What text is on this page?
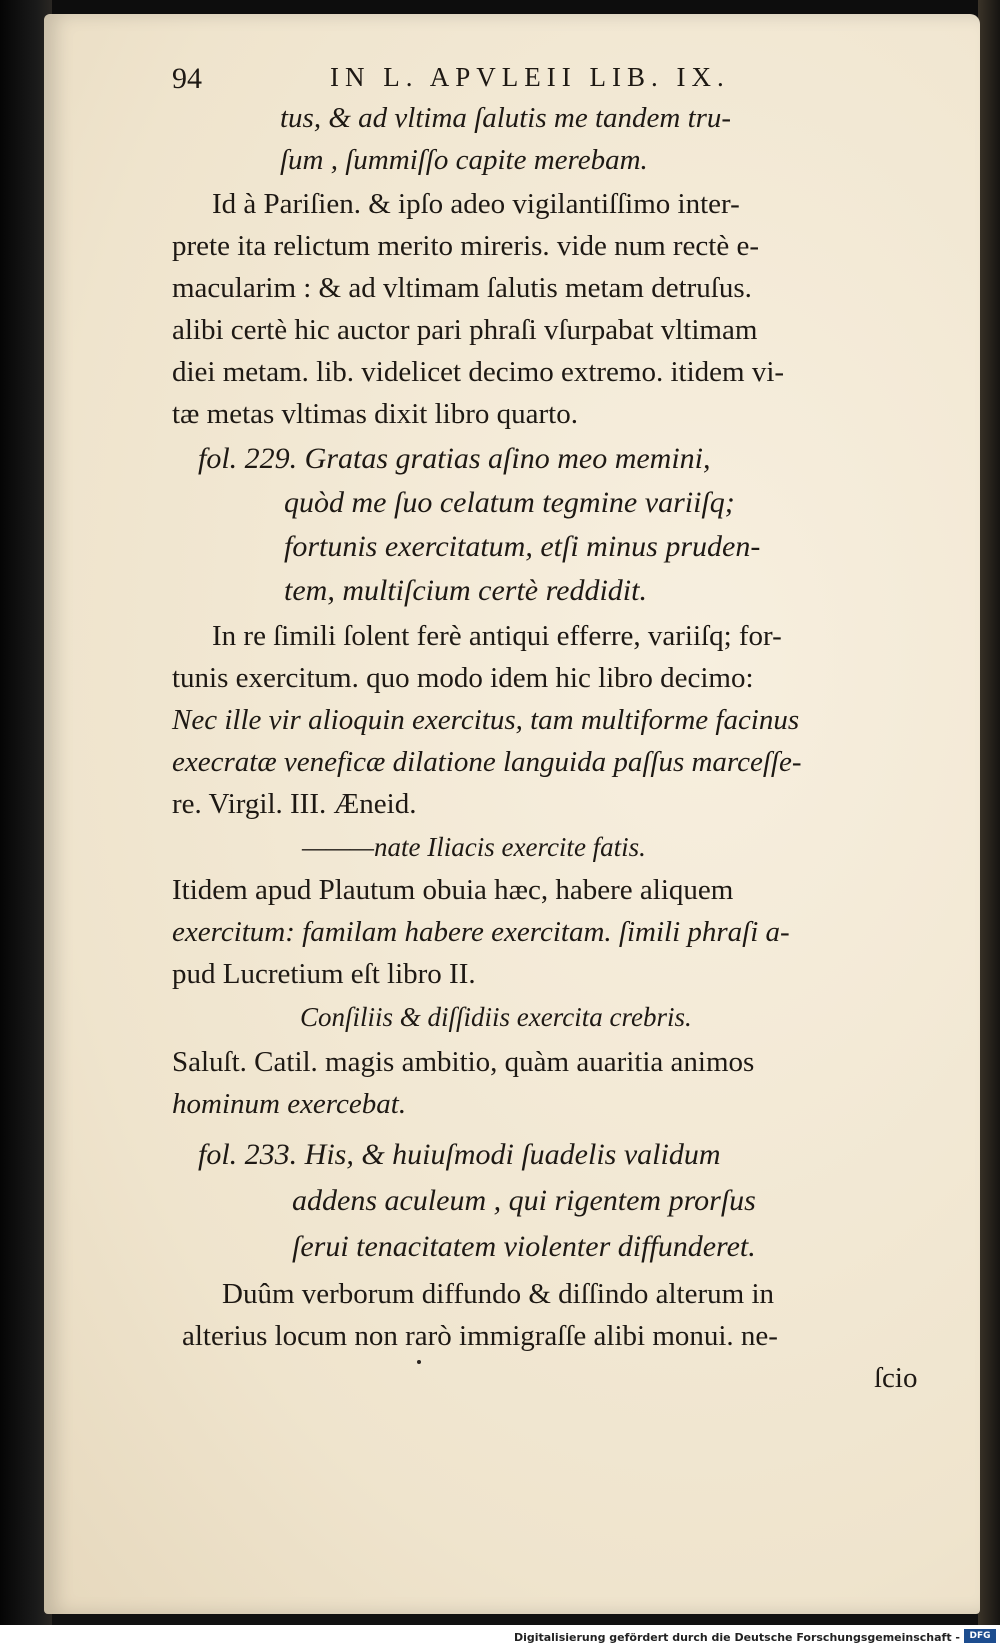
94	IN L. APVLEII LIB. IX.
tus, & ad vltima ſalutis me tandem tru-
ſum , ſummiſſo capite merebam.
Id à Pariſien. & ipſo adeo vigilantiſſimo inter-
prete ita relictum merito mireris. vide num rectè e-
macularim : & ad vltimam ſalutis metam detruſus.
alibi certè hic auctor pari phraſi vſurpabat vltimam
diei metam. lib. videlicet decimo extremo. itidem vi-
tæ metas vltimas dixit libro quarto.
fol. 229. Gratas gratias aſino meo memini,
quòd me ſuo celatum tegmine variiſq;
fortunis exercitatum, etſi minus pruden-
tem, multiſcium certè reddidit.
In re ſimili ſolent ferè antiqui efferre, variiſq; for-
tunis exercitum. quo modo idem hic libro decimo:
Nec ille vir alioquin exercitus, tam multiforme facinus
execratæ veneficæ dilatione languida paſſus marceſſe-
re. Virgil. III. Æneid.
———nate Iliacis exercite fatis.
Itidem apud Plautum obuia hæc, habere aliquem
exercitum: familam habere exercitam. ſimili phraſi a-
pud Lucretium eſt libro II.
Conſiliis & diſſidiis exercita crebris.
Saluſt. Catil. magis ambitio, quàm auaritia animos
hominum exercebat.
fol. 233. His, & huiuſmodi ſuadelis validum
addens aculeum , qui rigentem prorſus
ſerui tenacitatem violenter diffunderet.
Duûm verborum diffundo & diſſindo alterum in
alterius locum non rarò immigraſſe alibi monui. ne-
ſcio
Digitalisierung gefördert durch die Deutsche Forschungsgemeinschaft -	DFG
